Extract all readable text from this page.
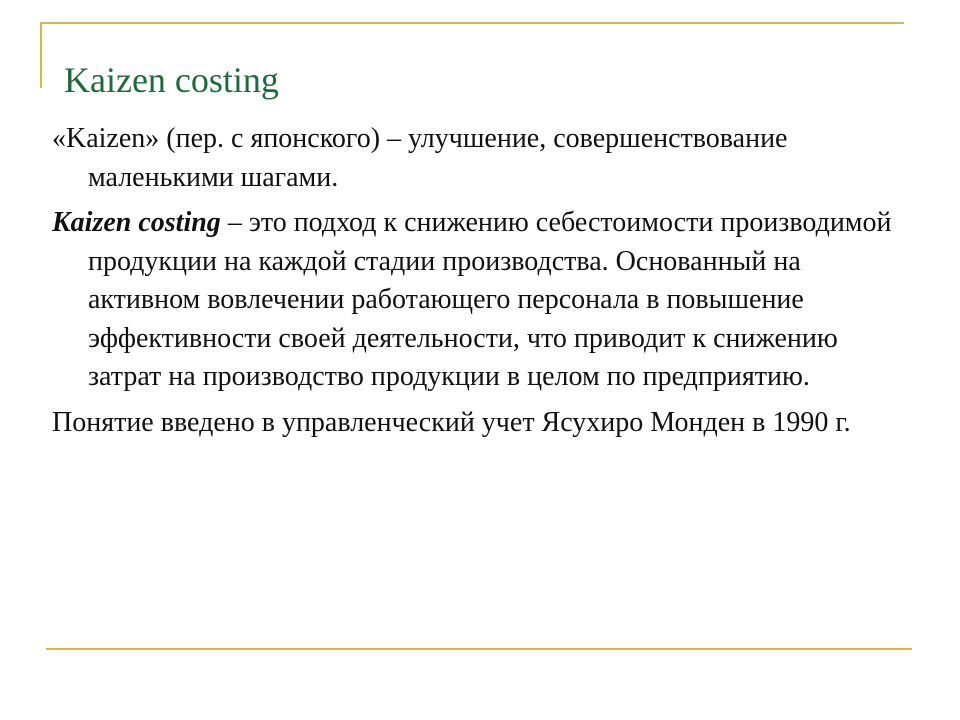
Kaizen costing

«Kaizen» (пер. с японского) – улучшение, совершенствование маленькими шагами.

Kaizen costing – это подход к снижению себестоимости производимой продукции на каждой стадии производства. Основанный на активном вовлечении работающего персонала в повышение эффективности своей деятельности, что приводит к снижению затрат на производство продукции в целом по предприятию.

Понятие введено в управленческий учет Ясухиро Монден в 1990 г.
